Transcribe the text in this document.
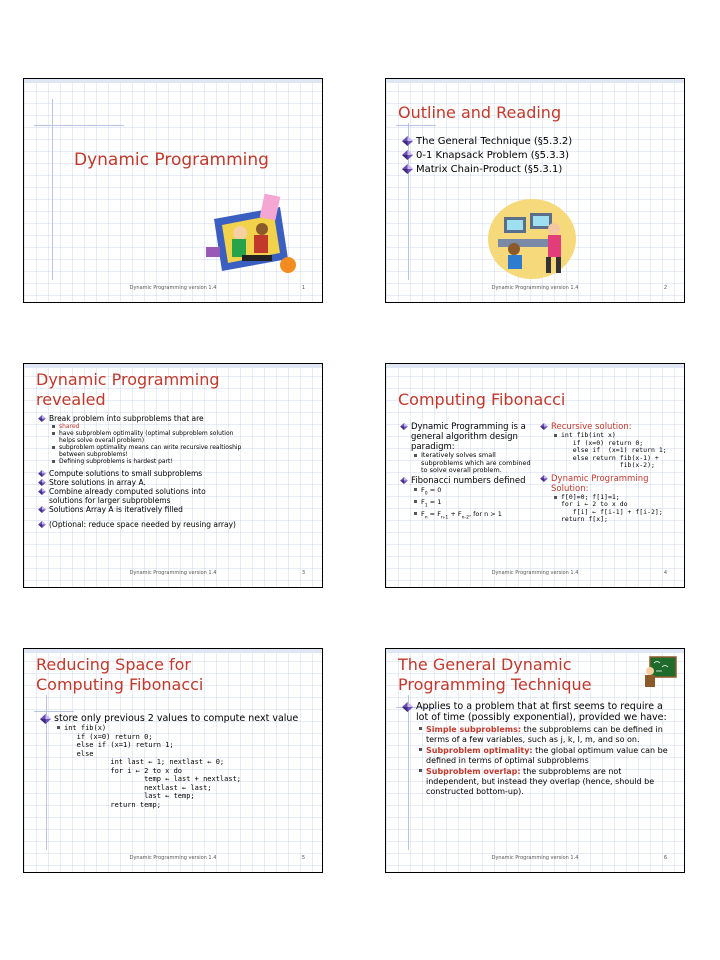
Dynamic Programming
Dynamic Programming version 1.4	1
Outline and Reading
The General Technique (§5.3.2)
0-1 Knapsack Problem (§5.3.3)
Matrix Chain-Product (§5.3.1)
Dynamic Programming version 1.4	2
Dynamic Programming
revealed
Break problem into subproblems that are
shared
have subproblem optimality (optimal subproblem solution helps solve overall problem)
subproblem optimality means can write recursive realtioship between subproblems!
Defining subproblems is hardest part!
Compute solutions to small subproblems
Store solutions in array A.
Combine already computed solutions into solutions for larger subproblems
Solutions Array A is iteratively filled
(Optional: reduce space needed by reusing array)
Dynamic Programming version 1.4	3
Computing Fibonacci
Dynamic Programming is a general algorithm design paradigm:
Iteratively solves small subproblems which are combined to solve overall problem.
Fibonacci numbers defined
$F_0 = 0$
$F_1 = 1$
$F_n = F_{n-1} + F_{n-2}$, for n > 1
Recursive solution:
int fib(int x)
if (x=0) return 0;
else if  (x=1) return 1;
else return fib(x-1) +
fib(x-2);
Dynamic Programming Solution:
f[0]=0; f[1]=1;
for i ← 2 to x do
f[i] ← f[i-1] + f[i-2];
return f[x];
Dynamic Programming version 1.4	4
Reducing Space for
Computing Fibonacci
store only previous 2 values to compute next value
int fib(x)
if (x=0) return 0;
else if (x=1) return 1;
else
int last ← 1; nextlast ← 0;
for i ← 2 to x do
temp ← last + nextlast;
nextlast ← last;
last ← temp;
return temp;
Dynamic Programming version 1.4	5
The General Dynamic
Programming Technique
Applies to a problem that at first seems to require a lot of time (possibly exponential), provided we have:
Simple subproblems: the subproblems can be defined in terms of a few variables, such as j, k, l, m, and so on.
Subproblem optimality: the global optimum value can be defined in terms of optimal subproblems
Subproblem overlap: the subproblems are not independent, but instead they overlap (hence, should be constructed bottom-up).
Dynamic Programming version 1.4	6
